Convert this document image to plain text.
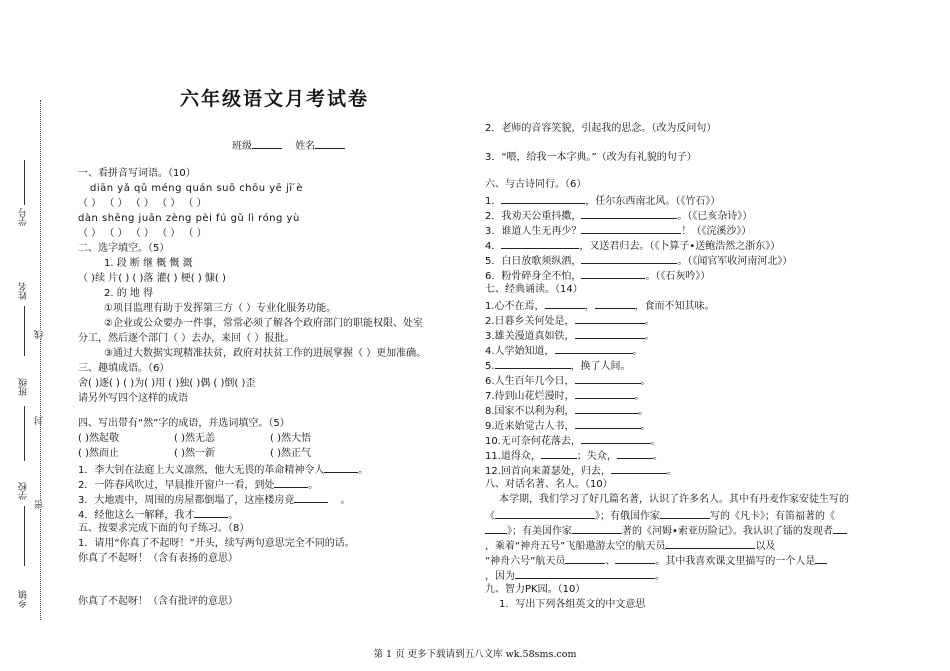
学号
姓名
班级
学校
乡镇
线
封
密
六年级语文月考试卷
班级	姓名
一、看拼音写词语。（10）
diān yǎ qǔ méng quán suō chōu yē jī ́è
（ ） （ ） （ ） （ ） （ ）
dàn shēng juān zèng pèi fú gǔ lì róng yù
（ ） （ ） （ ） （ ） （ ）
二、选字填空。（5）
1. 段 断 继 概 慨 溉
（ )续 片( ) ( )落 灌( ) 梗( ) 慷( )
2. 的 地 得
①项目监理有助于发挥第三方（ ）专业化服务功能。
②企业或公众要办一件事，常常必须了解各个政府部门的职能权限、处室
分工，然后逐个部门（ ）去办，来回（ ）报批。
③通过大数据实现精准扶贫，政府对扶贫工作的进展掌握（ ）更加准确。
三、趣填成语。（6）
舍( )逐( ) ( )为( )用 ( )独( )偶 ( )倒( )歪
请另外写四个这样的成语
四、写出带有“然”字的成语，并选词填空。（5）
( )然起敬	( )然无恙	( )然大悟
( )然而止	( )然一新	( )然正气
1．李大钊在法庭上大义凛然，他大无畏的革命精神令人	。
2．一阵春风吹过，早晨推开窗户一看，到处	。
3．大地震中，周围的房屋都倒塌了，这座楼房竟	。
4．经他这么一解释，我才	。
五、按要求完成下面的句子练习。（8）
1．请用“你真了不起呀！”开头，续写两句意思完全不同的话。
你真了不起呀！（含有表扬的意思）
你真了不起呀！（含有批评的意思）
2．老师的音容笑貌，引起我的思念。（改为反问句）
3．“喂，给我一本字典。”（改为有礼貌的句子）
六、与古诗同行。（6）
1．	，任尔东西南北风。（《竹石》）
2．我劝天公重抖擞，	。（《已亥杂诗》）
3．谁道人生无再少？	！（《浣溪沙》）
4．	，又送君归去。（《卜算子•送鲍浩然之浙东》）
5．白日放歌须纵酒，	。（《闻官军收河南河北》）
6．粉骨碎身全不怕，	。（《石灰吟》）
七、经典诵读。（14）
1.心不在焉，	，	，食而不知其味。
2.日暮乡关何处是，	。
3.雄关漫道真如铁，	。
4.人学始知道，	。
5.	，换了人间。
6.人生百年几今日，	。
7.待到山花烂漫时，	。
8.国家不以利为利，	。
9.近来始觉古人书，	。
10.无可奈何花落去，	。
11.道得众，	；失众，	。
12.回首向来萧瑟处，归去，	。
八、对话名著、名人。（10）
本学期，我们学习了好几篇名著，认识了许多名人。其中有丹麦作家安徒生写的
《	》；有俄国作家	写的《凡卡》；有笛福著的《
》；有美国作家	著的《河姆•索亚历险记》。我认识了镭的发现者
，乘着“神舟五号”飞船遨游太空的航天员	以及
“神舟六号”航天员	、	。其中我喜欢课文里描写的一个人是
，因为	。
九、智力PK园。（10）
1．写出下列各组英文的中文意思
第 1 页 更多下载请到五八文库 wk.58sms.com
